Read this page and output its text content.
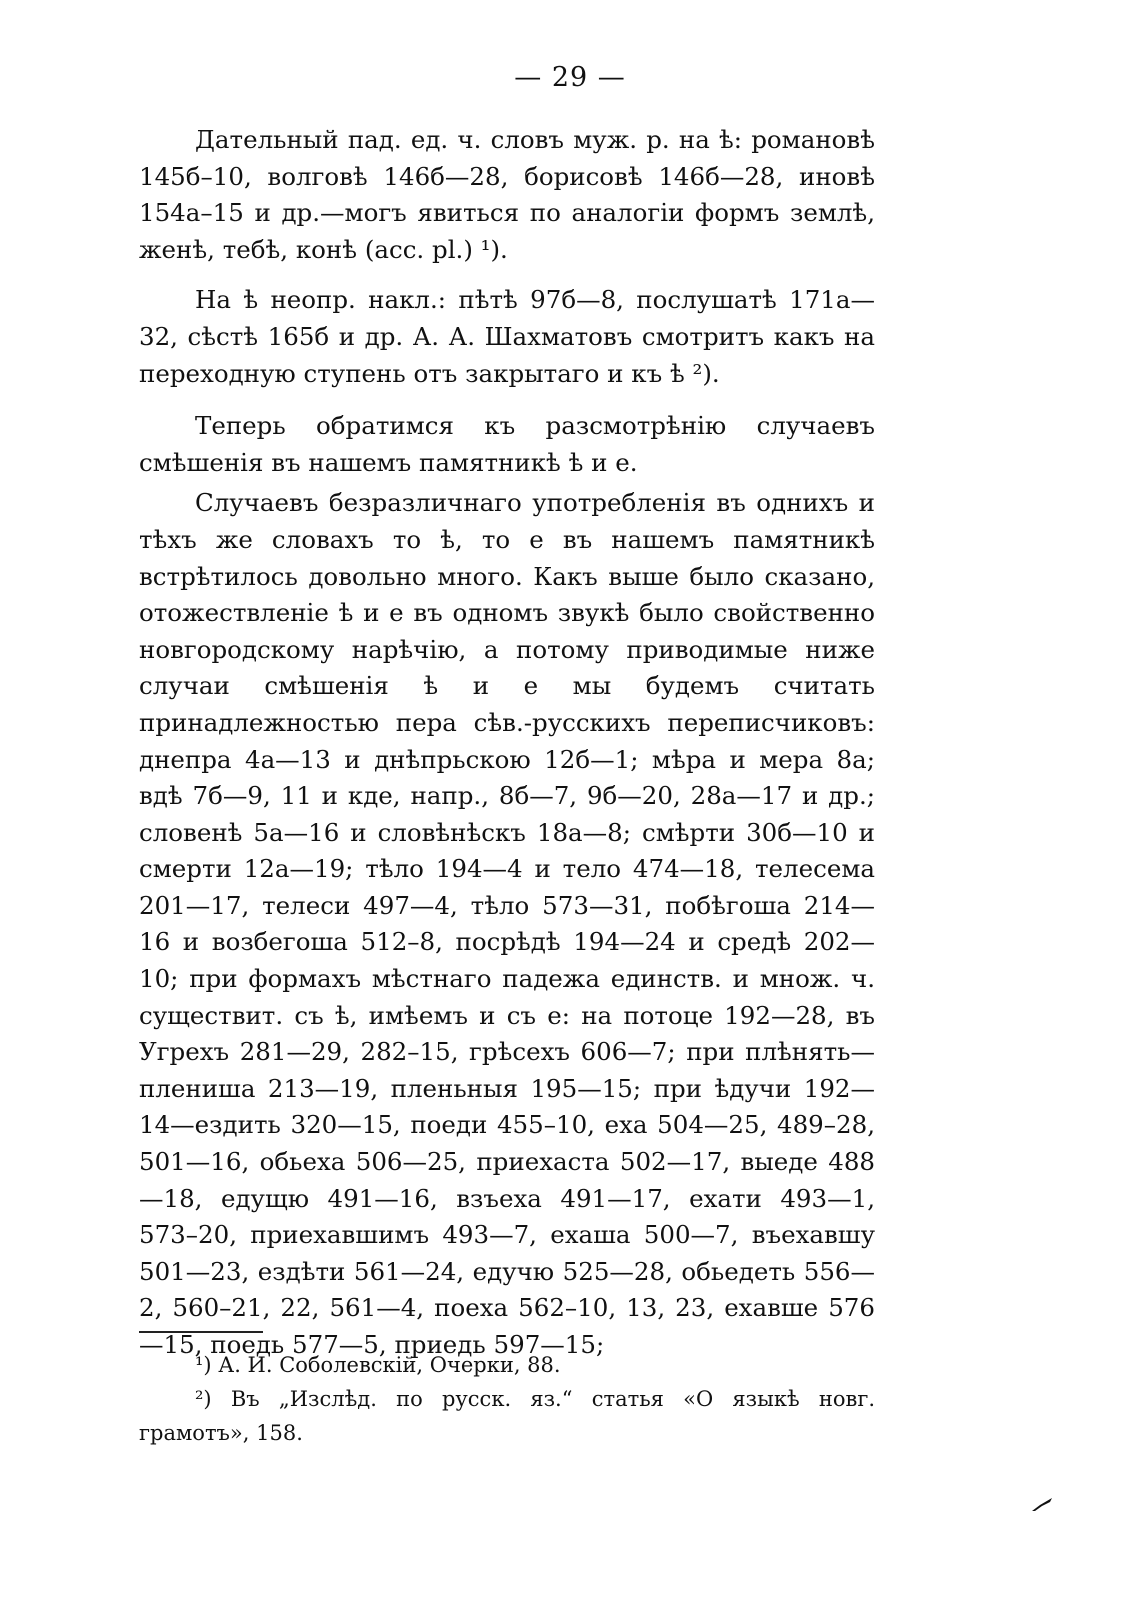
— 29 —

Дательный пад. ед. ч. словъ муж. р. на ѣ: романовѣ 145б–10, волговѣ 146б—28, борисовѣ 146б—28, иновѣ 154а–15 и др.—могъ явиться по аналогіи формъ землѣ, женѣ, тебѣ, конѣ (acc. pl.) ¹).

На ѣ неопр. накл.: пѣтѣ 97б—8, послушатѣ 171а—32, сѣстѣ 165б и др. А. А. Шахматовъ смотритъ какъ на переходную ступень отъ закрытаго и къ ѣ ²).

Теперь обратимся къ разсмотрѣнію случаевъ смѣшенія въ нашемъ памятникѣ ѣ и е.

Случаевъ безразличнаго употребленія въ однихъ и тѣхъ же словахъ то ѣ, то е въ нашемъ памятникѣ встрѣтилось довольно много. Какъ выше было сказано, отожествленіе ѣ и е въ одномъ звукѣ было свойственно новгородскому нарѣчію, а потому приводимые ниже случаи смѣшенія ѣ и е мы будемъ считать принадлежностью пера сѣв.-русскихъ переписчиковъ: днепра 4а—13 и днѣпрьскою 12б—1; мѣра и мера 8а; вдѣ 7б—9, 11 и кде, напр., 8б—7, 9б—20, 28а—17 и др.; словенѣ 5а—16 и словѣнѣскъ 18а—8; смѣрти 30б—10 и смерти 12а—19; тѣло 194—4 и тело 474—18, телесема 201—17, телеси 497—4, тѣло 573—31, побѣгоша 214—16 и возбегоша 512–8, посрѣдѣ 194—24 и средѣ 202—10; при формахъ мѣстнаго падежа единств. и множ. ч. существит. съ ѣ, имѣемъ и съ е: на потоце 192—28, въ Угрехъ 281—29, 282–15, грѣсехъ 606—7; при плѣнять—плениша 213—19, пленьныя 195—15; при ѣдучи 192—14—ездить 320—15, поеди 455–10, еха 504—25, 489–28, 501—16, обьеха 506—25, приехаста 502—17, выеде 488—18, едущю 491—16, взъеха 491—17, ехати 493—1, 573–20, приехавшимъ 493—7, ехаша 500—7, въехавшу 501—23, ездѣти 561—24, едучю 525—28, обьедеть 556—2, 560–21, 22, 561—4, поеха 562–10, 13, 23, ехавше 576—15, поедь 577—5, приедь 597—15;

¹) А. И. Соболевскій, Очерки, 88.

²) Въ „Изслѣд. по русск. яз.“ статья «О языкѣ новг. грамотъ», 158.
